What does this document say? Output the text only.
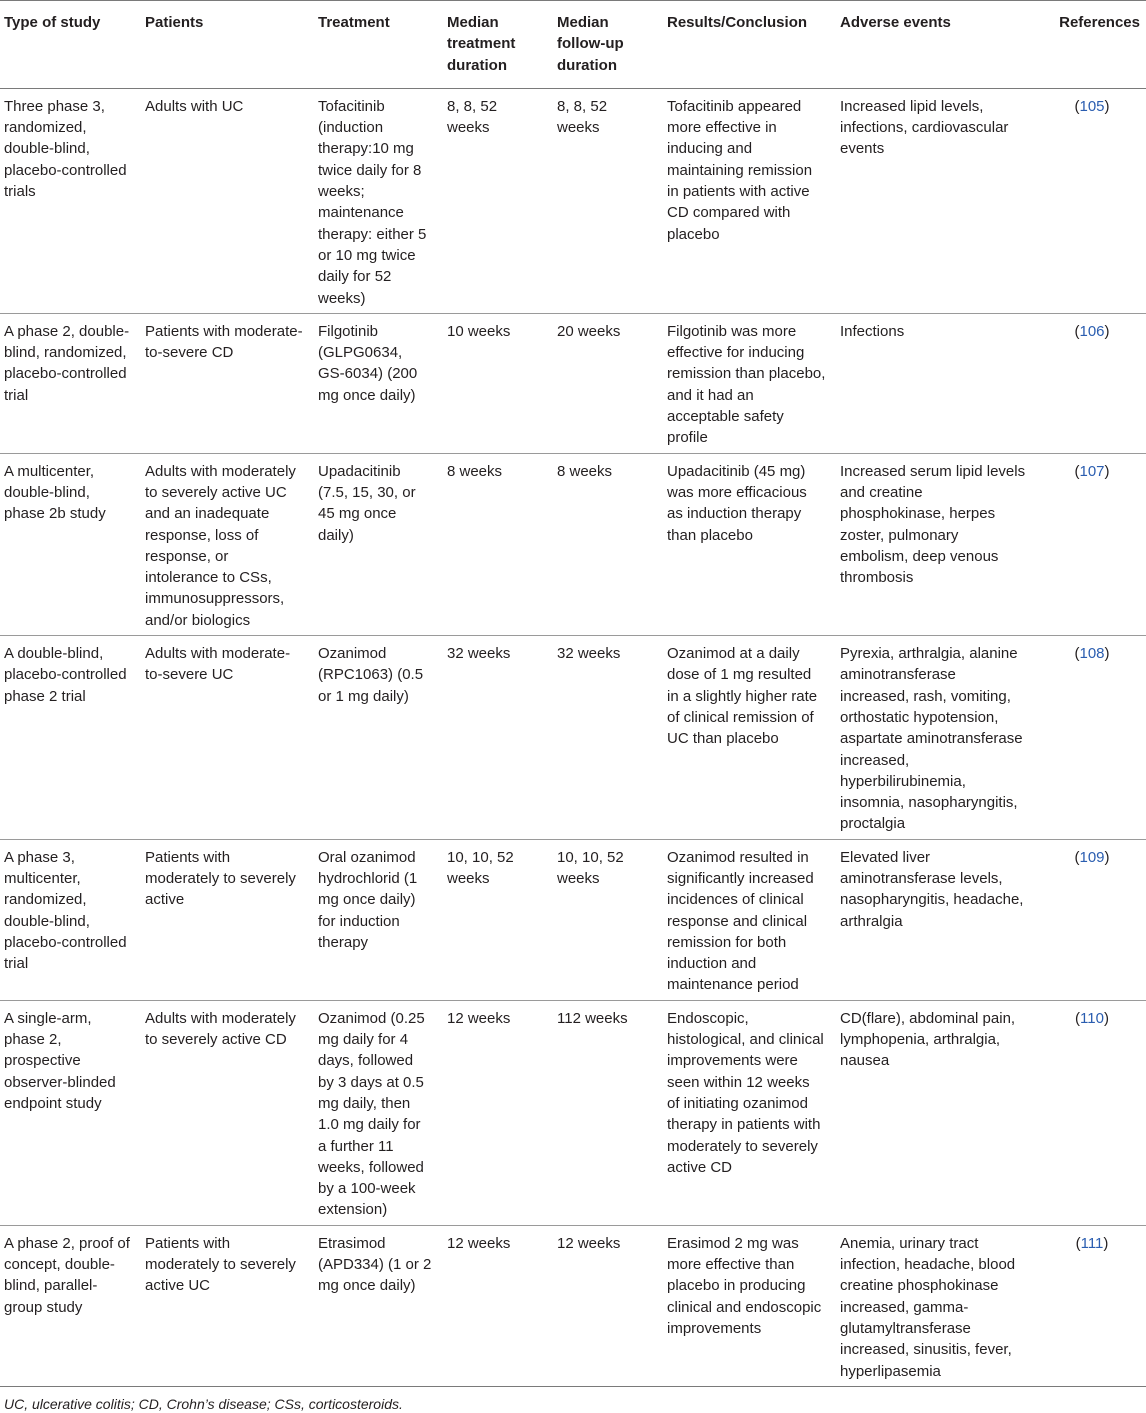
Type of study	Patients	Treatment	Median treatment duration	Median follow-up duration	Results/Conclusion	Adverse events	References
Three phase 3, randomized, double-blind, placebo-controlled trials	Adults with UC	Tofacitinib (induction therapy:10 mg twice daily for 8 weeks; maintenance therapy: either 5 or 10 mg twice daily for 52 weeks)	8, 8, 52 weeks	8, 8, 52 weeks	Tofacitinib appeared more effective in inducing and maintaining remission in patients with active CD compared with placebo	Increased lipid levels, infections, cardiovascular events	(105)
A phase 2, double-blind, randomized, placebo-controlled trial	Patients with moderate-to-severe CD	Filgotinib (GLPG0634, GS-6034) (200 mg once daily)	10 weeks	20 weeks	Filgotinib was more effective for inducing remission than placebo, and it had an acceptable safety profile	Infections	(106)
A multicenter, double-blind, phase 2b study	Adults with moderately to severely active UC and an inadequate response, loss of response, or intolerance to CSs, immunosuppressors, and/or biologics	Upadacitinib (7.5, 15, 30, or 45 mg once daily)	8 weeks	8 weeks	Upadacitinib (45 mg) was more efficacious as induction therapy than placebo	Increased serum lipid levels and creatine phosphokinase, herpes zoster, pulmonary embolism, deep venous thrombosis	(107)
A double-blind, placebo-controlled phase 2 trial	Adults with moderate-to-severe UC	Ozanimod (RPC1063) (0.5 or 1 mg daily)	32 weeks	32 weeks	Ozanimod at a daily dose of 1 mg resulted in a slightly higher rate of clinical remission of UC than placebo	Pyrexia, arthralgia, alanine aminotransferase increased, rash, vomiting, orthostatic hypotension, aspartate aminotransferase increased, hyperbilirubinemia, insomnia, nasopharyngitis, proctalgia	(108)
A phase 3, multicenter, randomized, double-blind, placebo-controlled trial	Patients with moderately to severely active	Oral ozanimod hydrochlorid (1 mg once daily) for induction therapy	10, 10, 52 weeks	10, 10, 52 weeks	Ozanimod resulted in significantly increased incidences of clinical response and clinical remission for both induction and maintenance period	Elevated liver aminotransferase levels, nasopharyngitis, headache, arthralgia	(109)
A single-arm, phase 2, prospective observer-blinded endpoint study	Adults with moderately to severely active CD	Ozanimod (0.25 mg daily for 4 days, followed by 3 days at 0.5 mg daily, then 1.0 mg daily for a further 11 weeks, followed by a 100-week extension)	12 weeks	112 weeks	Endoscopic, histological, and clinical improvements were seen within 12 weeks of initiating ozanimod therapy in patients with moderately to severely active CD	CD(flare), abdominal pain, lymphopenia, arthralgia, nausea	(110)
A phase 2, proof of concept, double-blind, parallel-group study	Patients with moderately to severely active UC	Etrasimod (APD334) (1 or 2 mg once daily)	12 weeks	12 weeks	Erasimod 2 mg was more effective than placebo in producing clinical and endoscopic improvements	Anemia, urinary tract infection, headache, blood creatine phosphokinase increased, gamma-glutamyltransferase increased, sinusitis, fever, hyperlipasemia	(111)
UC, ulcerative colitis; CD, Crohn’s disease; CSs, corticosteroids.
